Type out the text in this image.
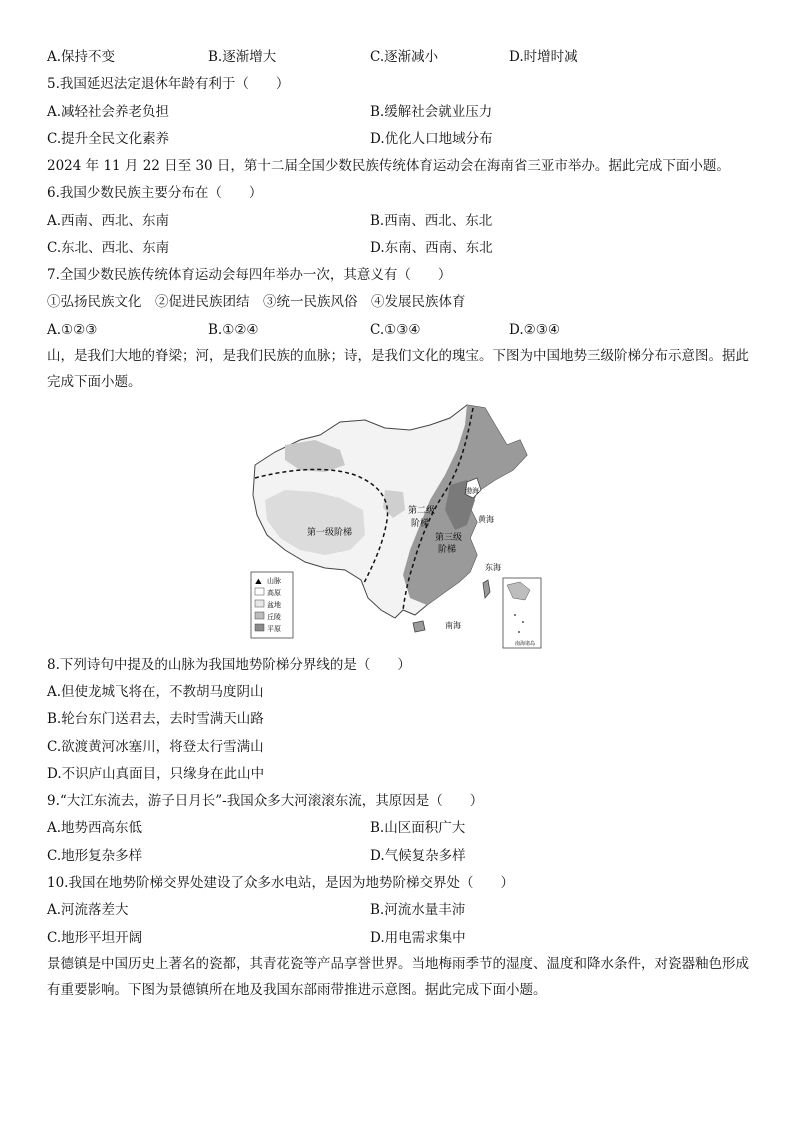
A.保持不变	B.逐渐增大	C.逐渐减小	D.时增时减
5.我国延迟法定退休年龄有利于（　　）
A.减轻社会养老负担	B.缓解社会就业压力
C.提升全民文化素养	D.优化人口地域分布
2024 年 11 月 22 日至 30 日，第十二届全国少数民族传统体育运动会在海南省三亚市举办。据此完成下面小题。
6.我国少数民族主要分布在（　　）
A.西南、西北、东南	B.西南、西北、东北
C.东北、西北、东南	D.东南、西南、东北
7.全国少数民族传统体育运动会每四年举办一次，其意义有（　　）
①弘扬民族文化　②促进民族团结　③统一民族风俗　④发展民族体育
A.①②③	B.①②④	C.①③④	D.②③④
山，是我们大地的脊梁；河，是我们民族的血脉；诗，是我们文化的瑰宝。下图为中国地势三级阶梯分布示意图。据此完成下面小题。
第一级阶梯
第二级
阶梯
第三级
阶梯
渤海
黄海
东海
南海
南海诸岛
⛰ 山脉
高原
盆地
丘陵
平原
8.下列诗句中提及的山脉为我国地势阶梯分界线的是（　　）
A.但使龙城飞将在，不教胡马度阴山
B.轮台东门送君去，去时雪满天山路
C.欲渡黄河冰塞川，将登太行雪满山
D.不识庐山真面目，只缘身在此山中
9.“大江东流去，游子日月长”-我国众多大河滚滚东流，其原因是（　　）
A.地势西高东低	B.山区面积广大
C.地形复杂多样	D.气候复杂多样
10.我国在地势阶梯交界处建设了众多水电站，是因为地势阶梯交界处（　　）
A.河流落差大	B.河流水量丰沛
C.地形平坦开阔	D.用电需求集中
景德镇是中国历史上著名的瓷都，其青花瓷等产品享誉世界。当地梅雨季节的湿度、温度和降水条件，对瓷器釉色形成有重要影响。下图为景德镇所在地及我国东部雨带推进示意图。据此完成下面小题。
